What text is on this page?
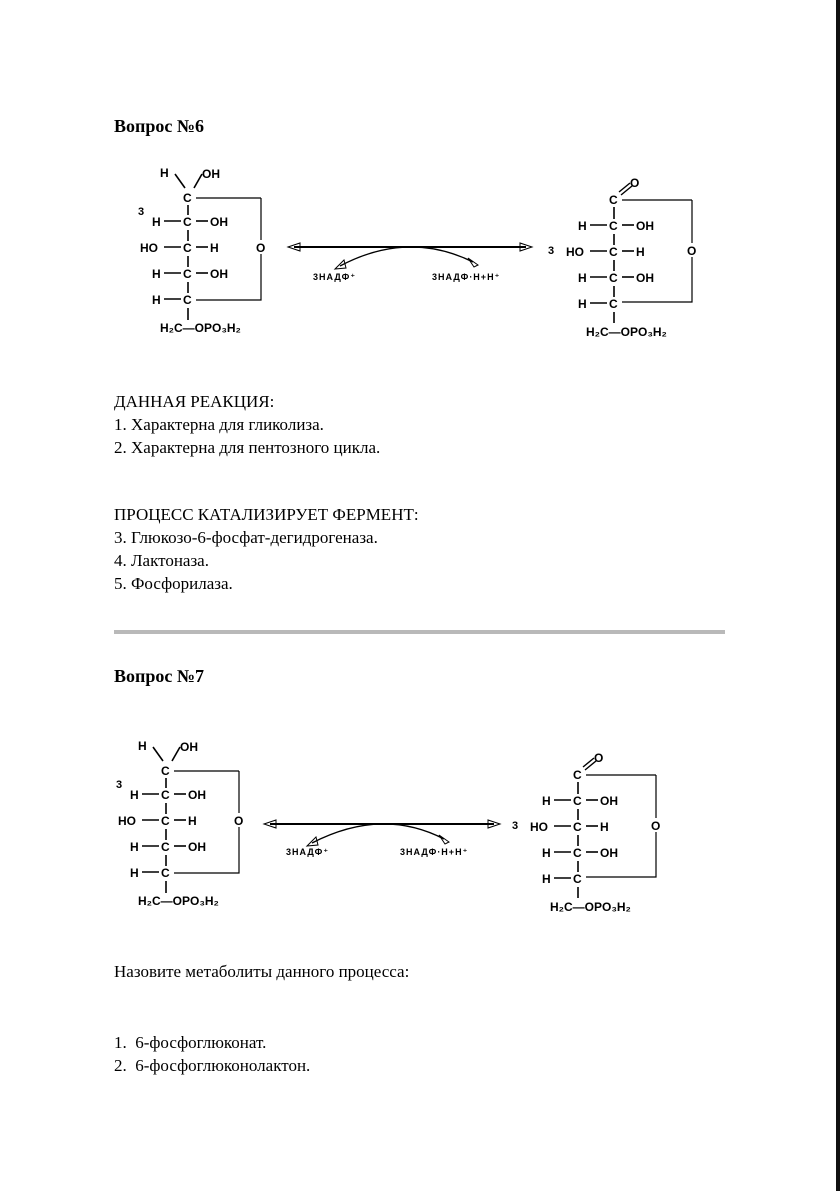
Вопрос №6
H	OH
C
3
H C OH
HO C H
H C OH
H C
H₂C—OPO₃H₂
O
3НАДФ⁺	3НАДФ·Н+Н⁺
O
C
H C OH
3 HO C H
H C OH
H C
H₂C—OPO₃H₂
O
ДАННАЯ РЕАКЦИЯ:
1. Характерна для гликолиза.
2. Характерна для пентозного цикла.
ПРОЦЕСС КАТАЛИЗИРУЕТ ФЕРМЕНТ:
3. Глюкозо-6-фосфат-дегидрогеназа.
4. Лактоназа.
5. Фосфорилаза.
Вопрос №7
H	OH
C
3
H C OH
HO C H
H C OH
H C
H₂C—OPO₃H₂
O
3НАДФ⁺	3НАДФ·Н+Н⁺
O
C
H C OH
3 HO C H
H C OH
H C
H₂C—OPO₃H₂
O
Назовите метаболиты данного процесса:
1.  6-фосфоглюконат.
2.  6-фосфоглюконолактон.
